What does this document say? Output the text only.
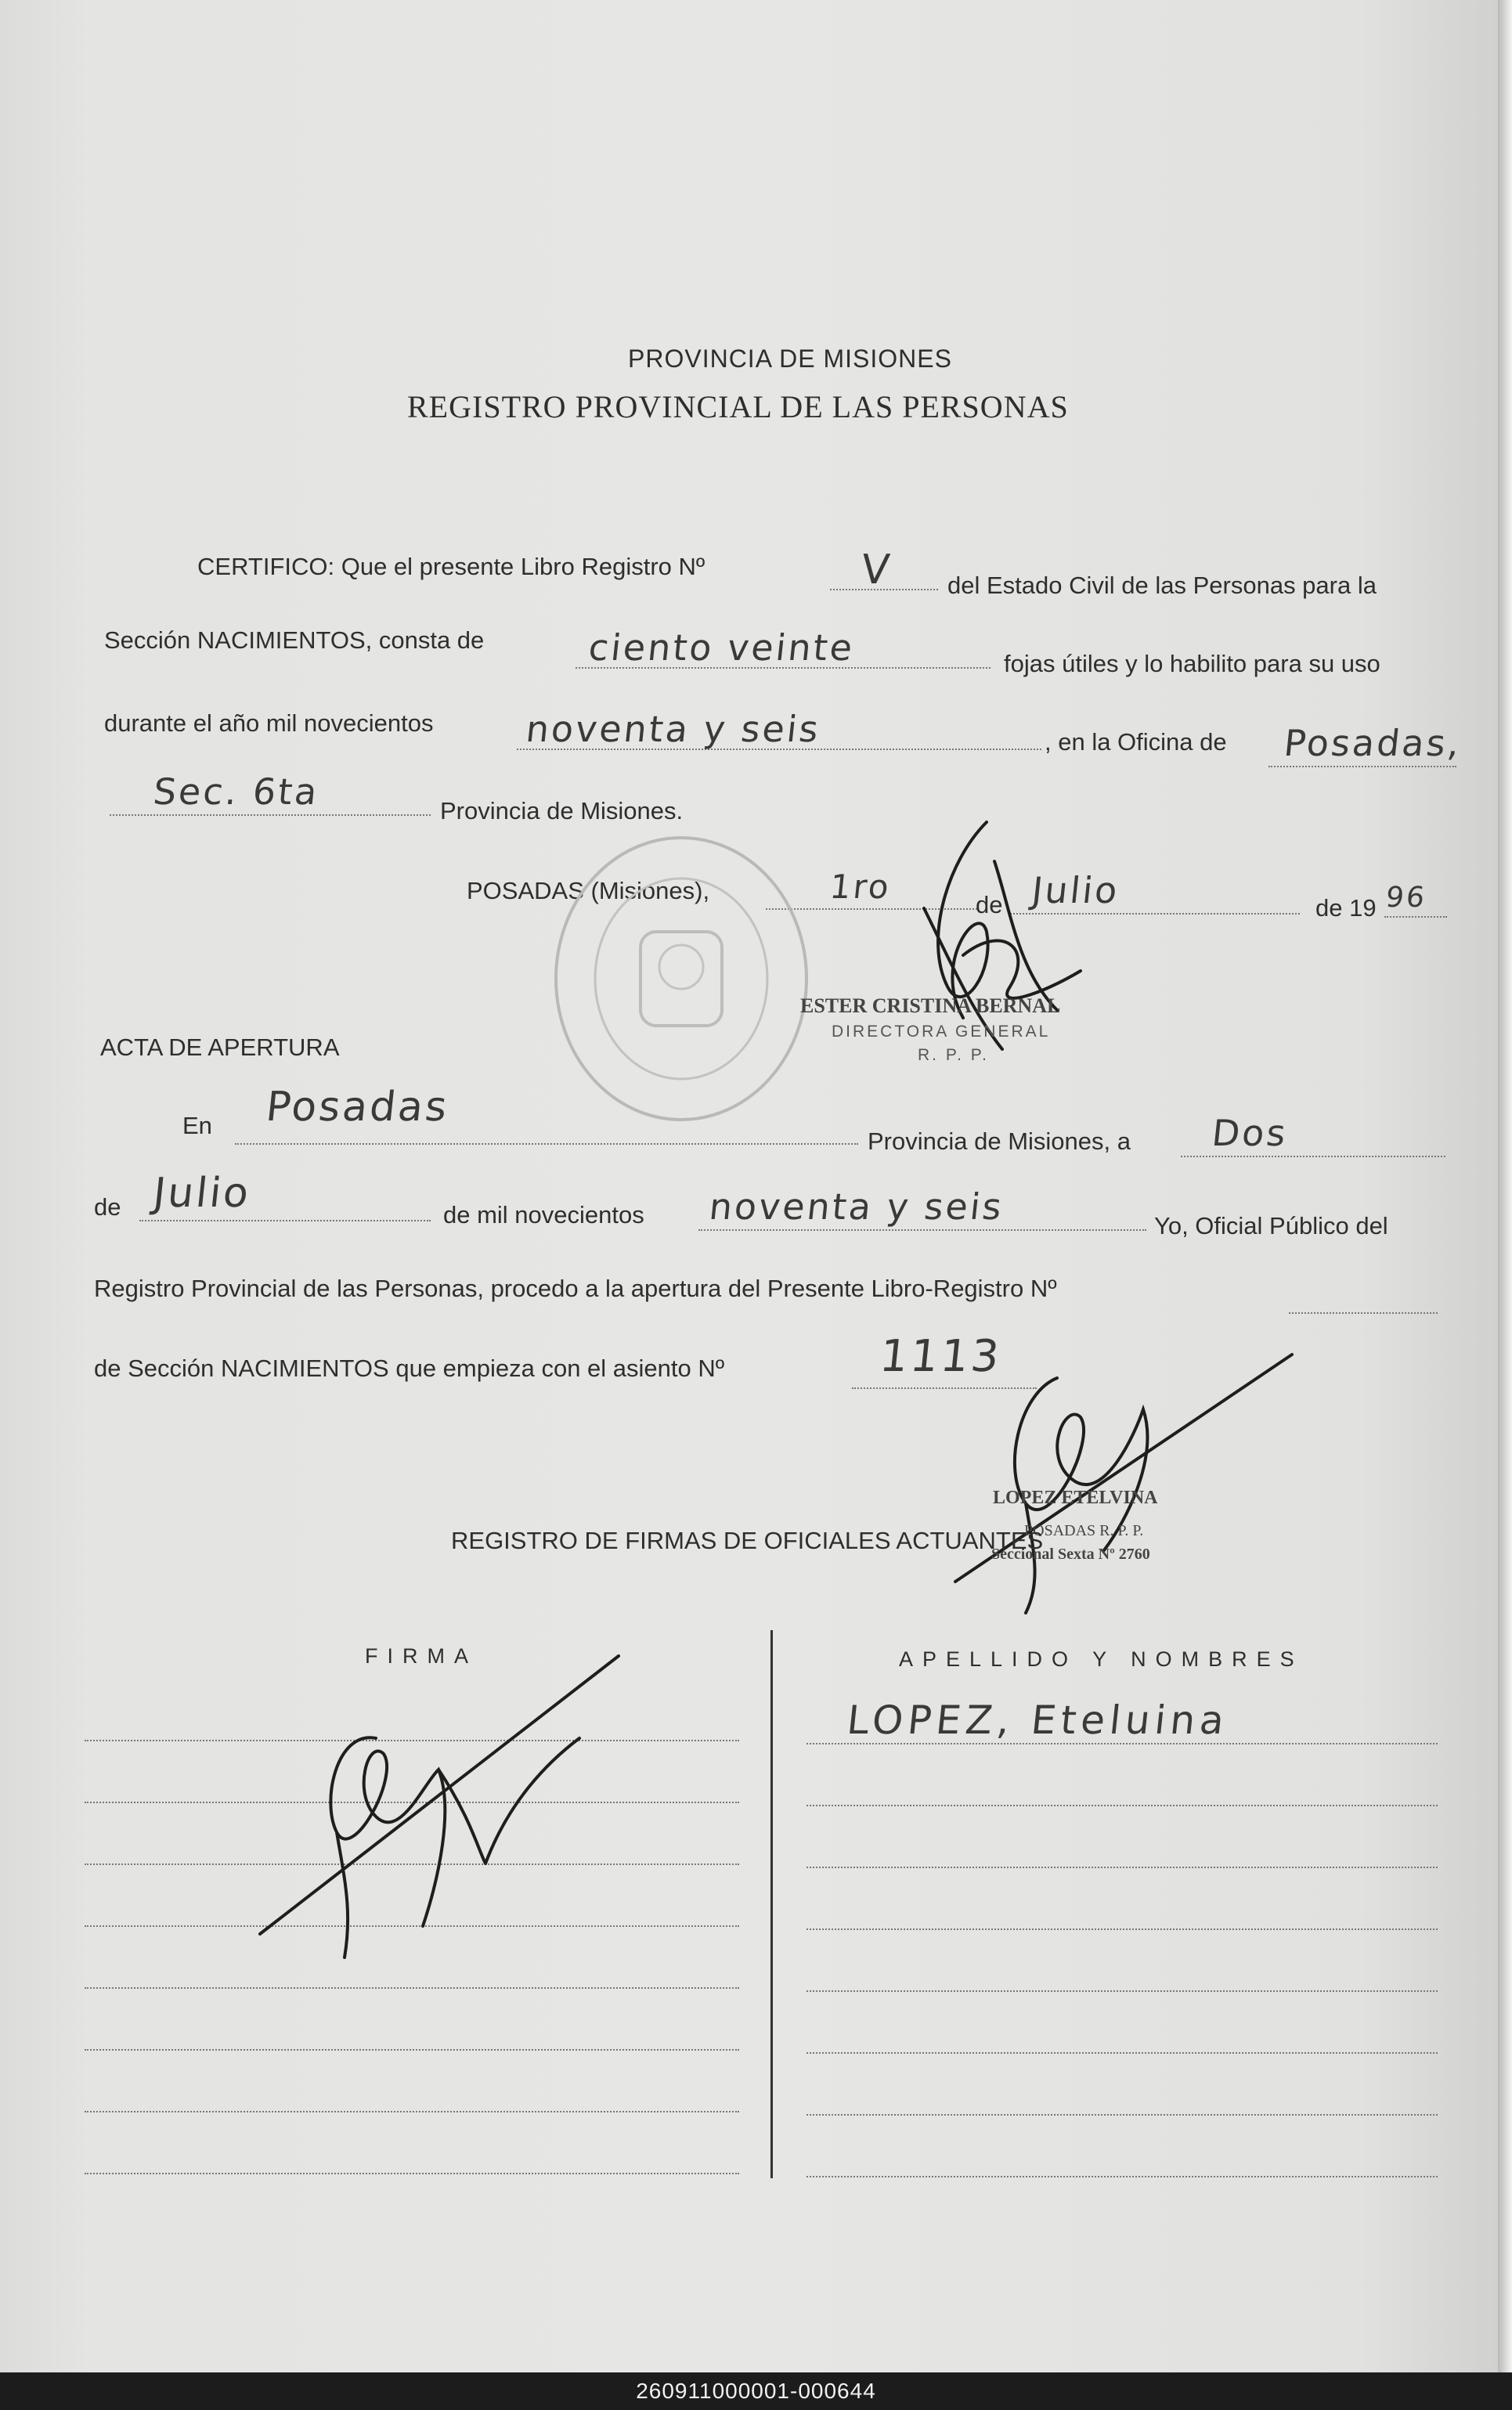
PROVINCIA DE MISIONES
REGISTRO PROVINCIAL DE LAS PERSONAS
CERTIFICO: Que el presente Libro Registro Nº	V del Estado Civil de las Personas para la
Sección NACIMIENTOS, consta de	ciento veinte	fojas útiles y lo habilito para su uso
durante el año mil novecientos	noventa y seis	, en la Oficina de Posadas,
Sec. 6ta	Provincia de Misiones.
POSADAS (Misiones),	1ro	de Julio	de 19 96
ESTER CRISTINA BERNAL
DIRECTORA GENERAL
R. P. P.
ACTA DE APERTURA
En Posadas
Provincia de Misiones, a Dos
de Julio	de mil novecientos noventa y seis	Yo, Oficial Público del
Registro Provincial de las Personas, procedo a la apertura del Presente Libro-Registro Nº
de Sección NACIMIENTOS que empieza con el asiento Nº	1113
LOPEZ ETELVINA
POSADAS R. P. P.
Seccional Sexta Nº 2760
REGISTRO DE FIRMAS DE OFICIALES ACTUANTES
FIRMA	APELLIDO Y NOMBRES
LOPEZ, Eteluina
260911000001-000644
